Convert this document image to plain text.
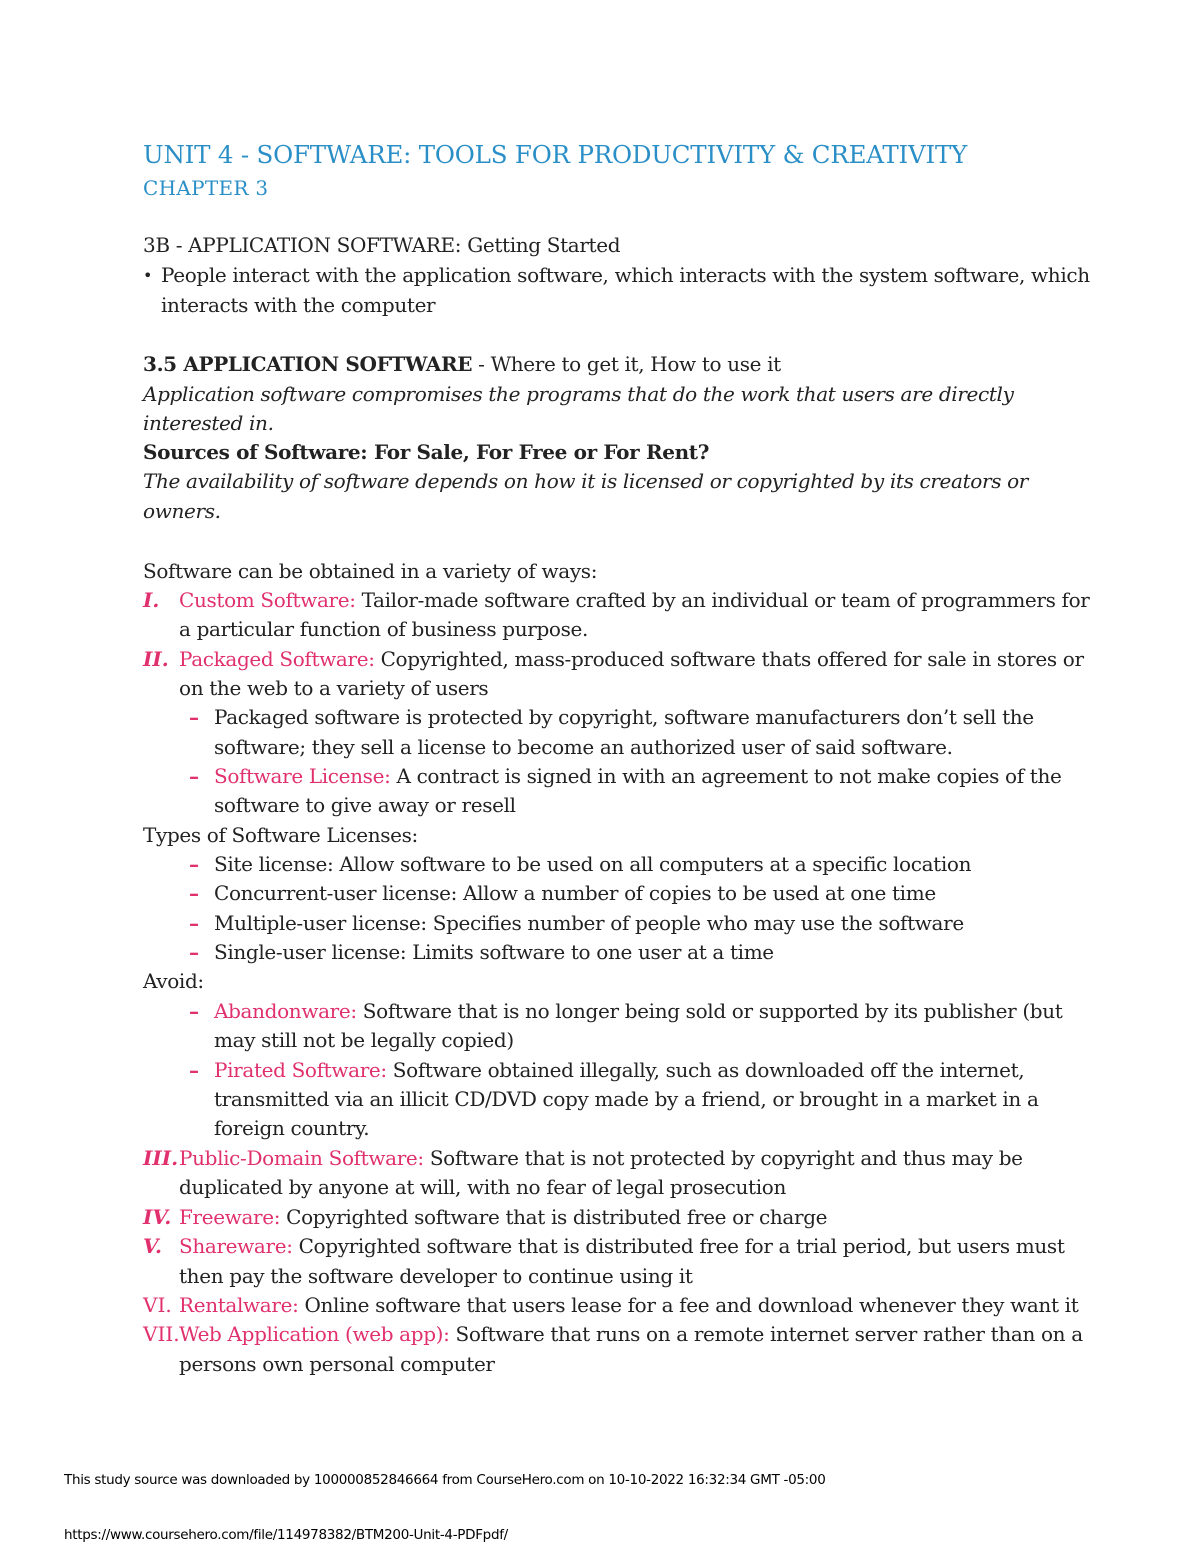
UNIT 4 - SOFTWARE: TOOLS FOR PRODUCTIVITY & CREATIVITY
CHAPTER 3
3B - APPLICATION SOFTWARE: Getting Started
• People interact with the application software, which interacts with the system software, which
interacts with the computer
3.5 APPLICATION SOFTWARE - Where to get it, How to use it
Application software compromises the programs that do the work that users are directly
interested in.
Sources of Software: For Sale, For Free or For Rent?
The availability of software depends on how it is licensed or copyrighted by its creators or
owners.
Software can be obtained in a variety of ways:
I. Custom Software: Tailor-made software crafted by an individual or team of programmers for
a particular function of business purpose.
II. Packaged Software: Copyrighted, mass-produced software thats offered for sale in stores or
on the web to a variety of users
– Packaged software is protected by copyright, software manufacturers don’t sell the
software; they sell a license to become an authorized user of said software.
– Software License: A contract is signed in with an agreement to not make copies of the
software to give away or resell
Types of Software Licenses:
– Site license: Allow software to be used on all computers at a specific location
– Concurrent-user license: Allow a number of copies to be used at one time
– Multiple-user license: Specifies number of people who may use the software
– Single-user license: Limits software to one user at a time
Avoid:
– Abandonware: Software that is no longer being sold or supported by its publisher (but
may still not be legally copied)
– Pirated Software: Software obtained illegally, such as downloaded off the internet,
transmitted via an illicit CD/DVD copy made by a friend, or brought in a market in a
foreign country.
III. Public-Domain Software: Software that is not protected by copyright and thus may be
duplicated by anyone at will, with no fear of legal prosecution
IV. Freeware: Copyrighted software that is distributed free or charge
V. Shareware: Copyrighted software that is distributed free for a trial period, but users must
then pay the software developer to continue using it
VI. Rentalware: Online software that users lease for a fee and download whenever they want it
VII. Web Application (web app): Software that runs on a remote internet server rather than on a
persons own personal computer
This study source was downloaded by 100000852846664 from CourseHero.com on 10-10-2022 16:32:34 GMT -05:00
https://www.coursehero.com/file/114978382/BTM200-Unit-4-PDFpdf/
